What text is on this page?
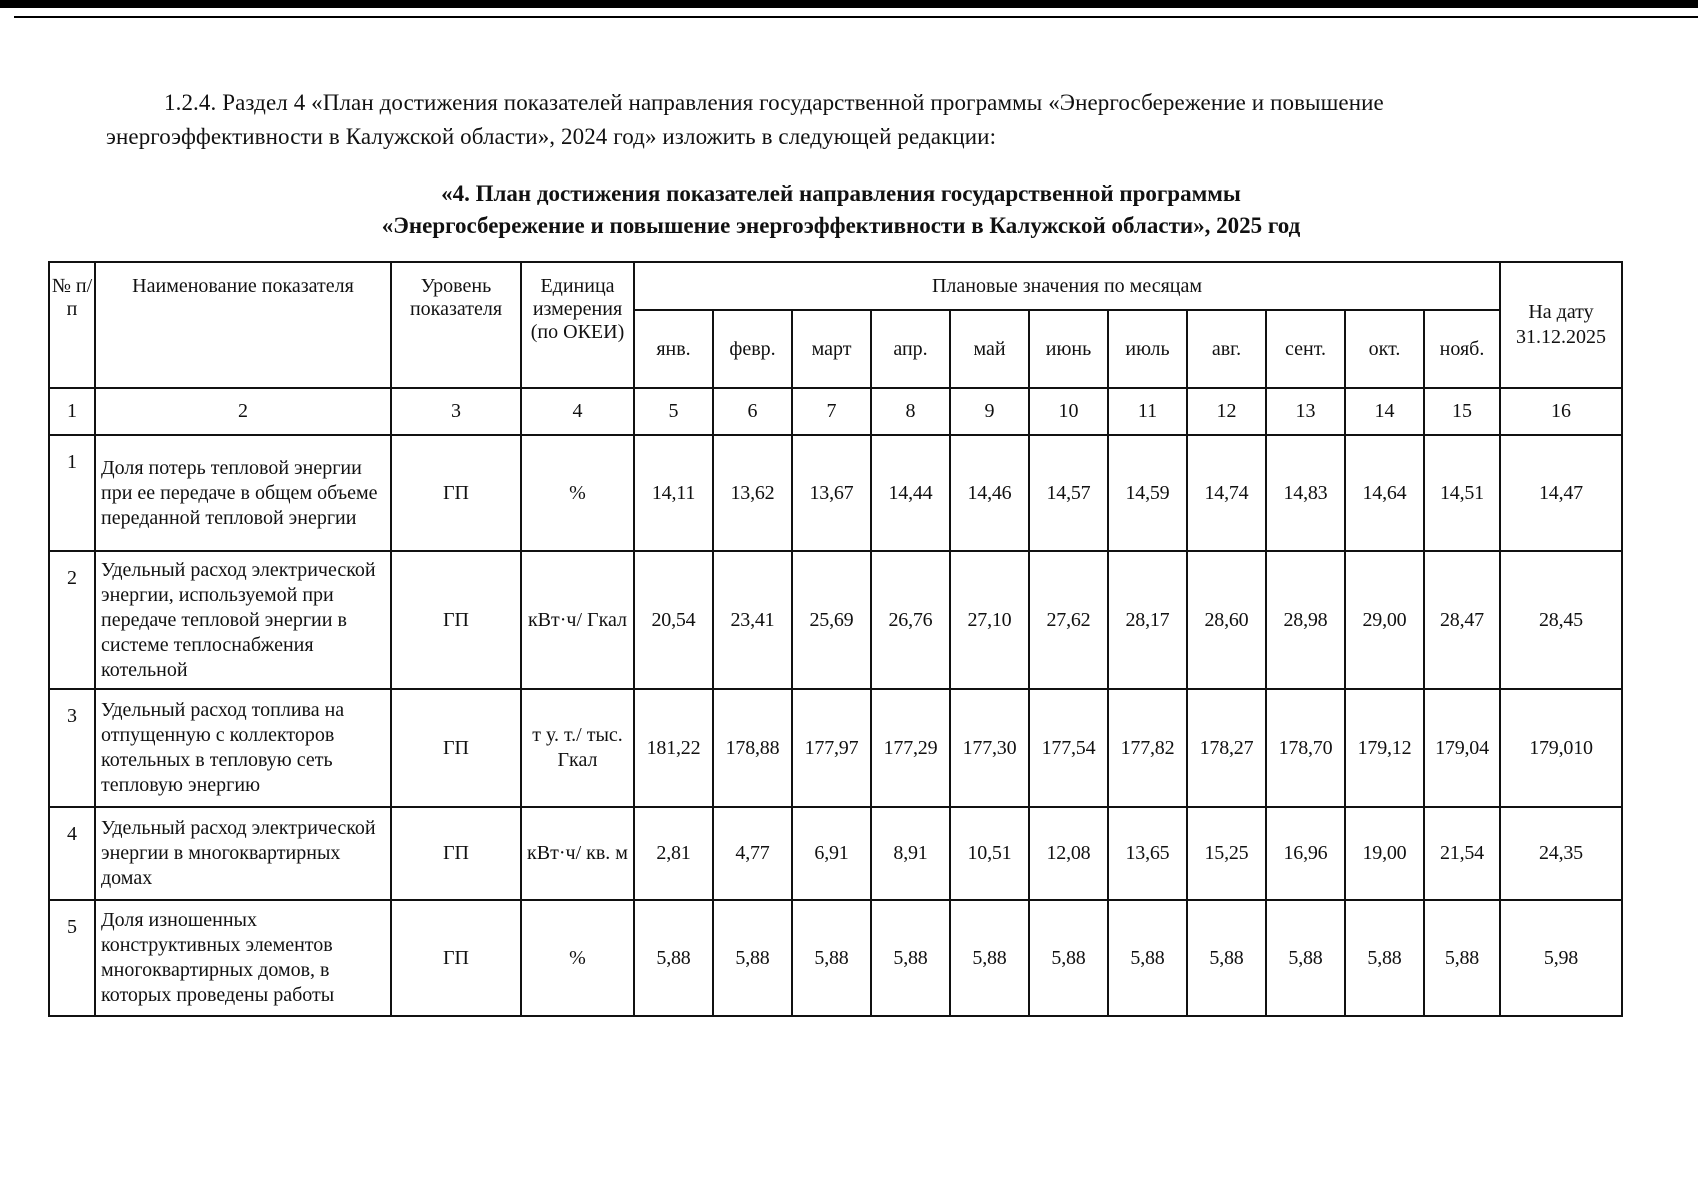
1.2.4. Раздел 4 «План достижения показателей направления государственной программы «Энергосбережение и повышение энергоэффективности в Калужской области», 2024 год» изложить в следующей редакции:
«4. План достижения показателей направления государственной программы
«Энергосбережение и повышение энергоэффективности в Калужской области», 2025 год
№ п/п	Наименование показателя	Уровень показателя	Единица измерения (по ОКЕИ)	Плановые значения по месяцам											На дату 31.12.2025
				янв.	февр.	март	апр.	май	июнь	июль	авг.	сент.	окт.	нояб.	
1	2	3	4	5	6	7	8	9	10	11	12	13	14	15	16
1	Доля потерь тепловой энергии при ее передаче в общем объеме переданной тепловой энергии	ГП	%	14,11	13,62	13,67	14,44	14,46	14,57	14,59	14,74	14,83	14,64	14,51	14,47
2	Удельный расход электрической энергии, используемой при передаче тепловой энергии в системе теплоснабжения котельной	ГП	кВт·ч/ Гкал	20,54	23,41	25,69	26,76	27,10	27,62	28,17	28,60	28,98	29,00	28,47	28,45
3	Удельный расход топлива на отпущенную с коллекторов котельных в тепловую сеть тепловую энергию	ГП	т у. т./ тыс. Гкал	181,22	178,88	177,97	177,29	177,30	177,54	177,82	178,27	178,70	179,12	179,04	179,010
4	Удельный расход электрической энергии в многоквартирных домах	ГП	кВт·ч/ кв. м	2,81	4,77	6,91	8,91	10,51	12,08	13,65	15,25	16,96	19,00	21,54	24,35
5	Доля изношенных конструктивных элементов многоквартирных домов, в которых проведены работы	ГП	%	5,88	5,88	5,88	5,88	5,88	5,88	5,88	5,88	5,88	5,88	5,88	5,98
